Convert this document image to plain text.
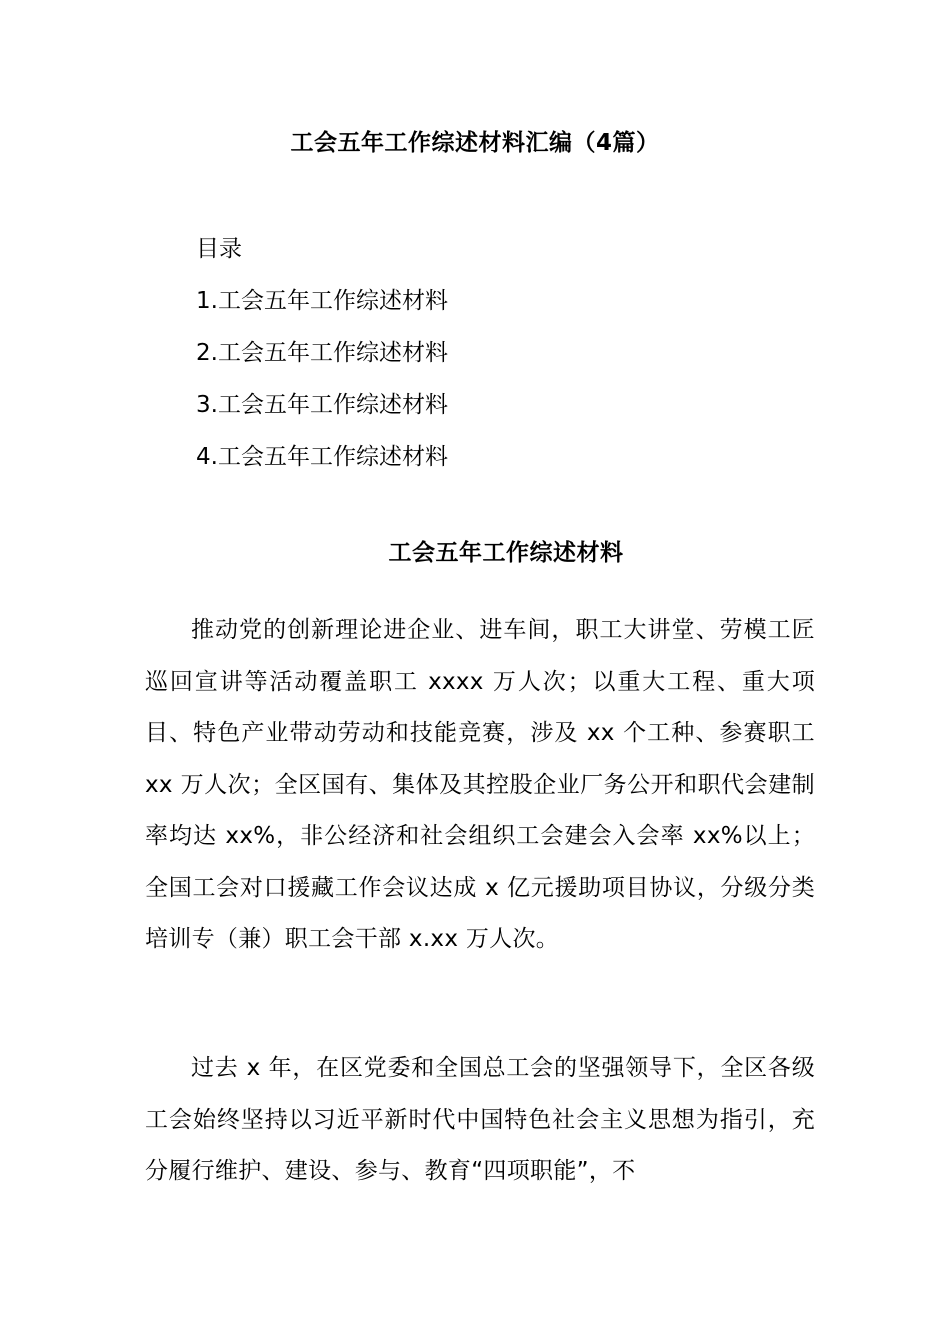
工会五年工作综述材料汇编（4篇）
目录
1.工会五年工作综述材料
2.工会五年工作综述材料
3.工会五年工作综述材料
4.工会五年工作综述材料
工会五年工作综述材料

推动党的创新理论进企业、进车间，职工大讲堂、劳模工匠巡回宣讲等活动覆盖职工 xxxx 万人次；以重大工程、重大项目、特色产业带动劳动和技能竞赛，涉及 xx 个工种、参赛职工 xx 万人次；全区国有、集体及其控股企业厂务公开和职代会建制率均达 xx%，非公经济和社会组织工会建会入会率 xx%以上；全国工会对口援藏工作会议达成 x 亿元援助项目协议，分级分类培训专（兼）职工会干部 x.xx 万人次。

过去 x 年，在区党委和全国总工会的坚强领导下，全区各级工会始终坚持以习近平新时代中国特色社会主义思想为指引，充分履行维护、建设、参与、教育“四项职能”，不
